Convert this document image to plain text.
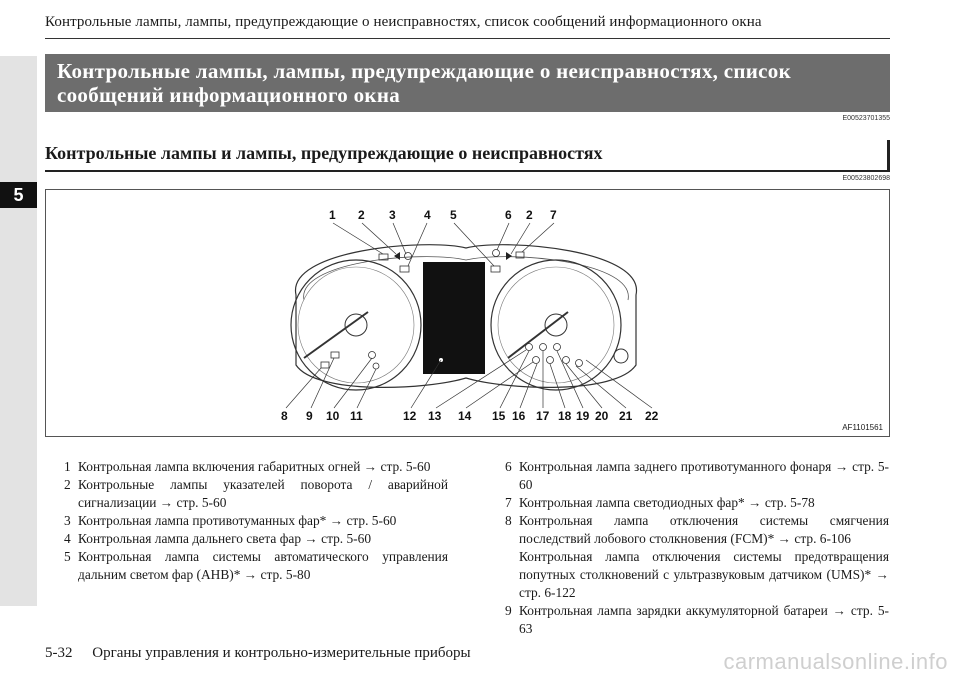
Контрольные лампы, лампы, предупреждающие о неисправностях, список сообщений информационного окна
5
Контрольные лампы, лампы, предупреждающие о неисправностях, список сообщений информационного окна
E00523701355
Контрольные лампы и лампы, предупреждающие о неисправностях
E00523802698
1 2 3 4 5	6 2 7
8 9 10 11	12 13 14 15 16 17 18 19 20 21 22
AF1101561
1 Контрольная лампа включения габаритных огней → стр. 5-60
2 Контрольные лампы указателей поворота / аварийной сигнализации → стр. 5-60
3 Контрольная лампа противотуманных фар* → стр. 5-60
4 Контрольная лампа дальнего света фар → стр. 5-60
5 Контрольная лампа системы автоматического управления дальним светом фар (AHB)* → стр. 5-80
6 Контрольная лампа заднего противотуманного фонаря → стр. 5-60
7 Контрольная лампа светодиодных фар* → стр. 5-78
8 Контрольная лампа отключения системы смягчения последствий лобового столкновения (FCM)* → стр. 6-106
Контрольная лампа отключения системы предотвращения попутных столкновений с ультразвуковым датчиком (UMS)* → стр. 6-122
9 Контрольная лампа зарядки аккумуляторной батареи → стр. 5-63
5-32 Органы управления и контрольно-измерительные приборы	carmanualsonline.info
